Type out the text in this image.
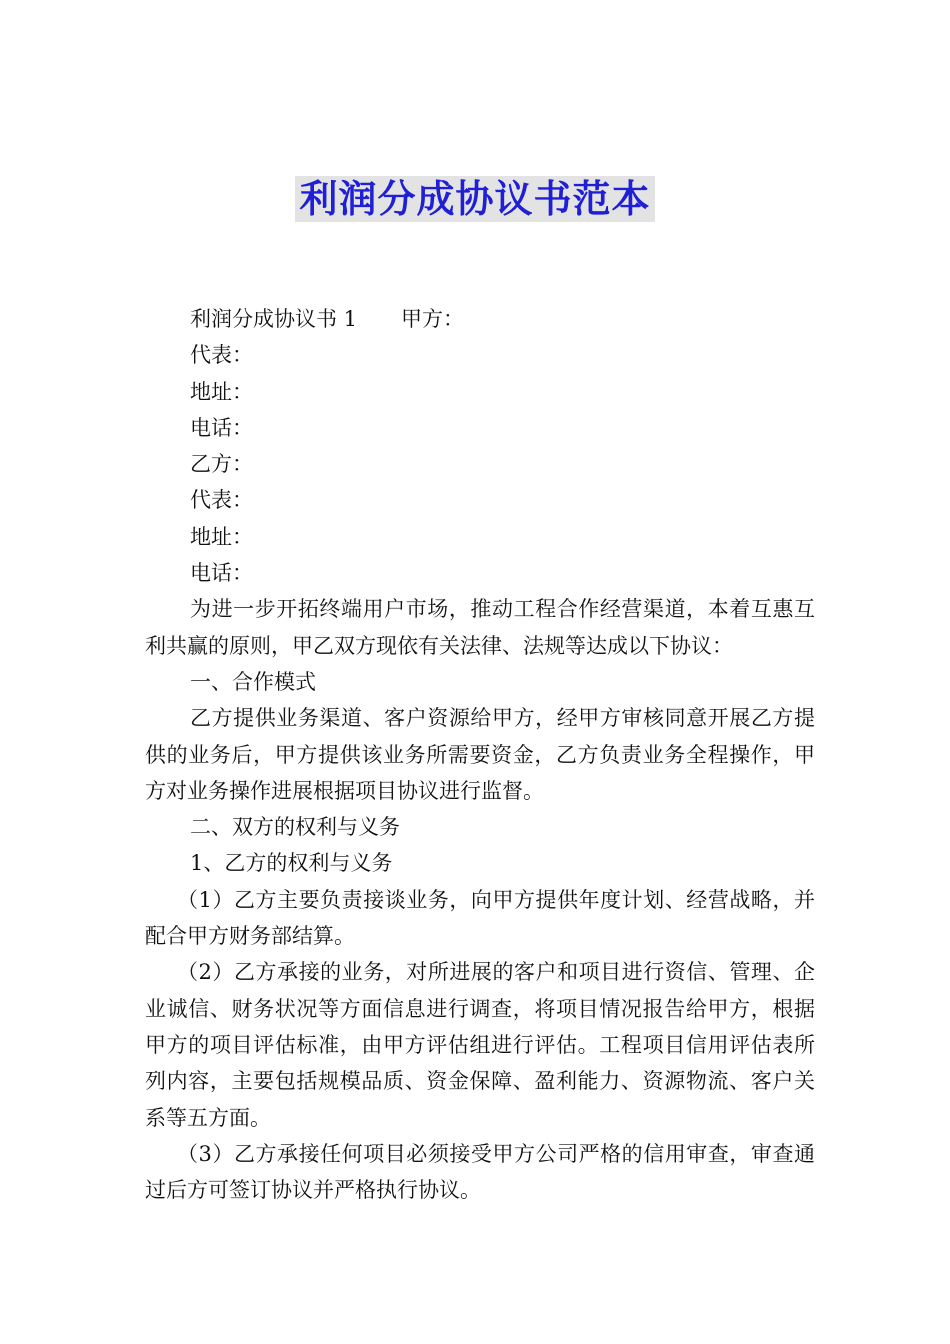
利润分成协议书范本

利润分成协议书 1 甲方：

代表：

地址：

电话：

乙方：

代表：

地址：

电话：

为进一步开拓终端用户市场，推动工程合作经营渠道，本着互惠互利共赢的原则，甲乙双方现依有关法律、法规等达成以下协议：

一、合作模式

乙方提供业务渠道、客户资源给甲方，经甲方审核同意开展乙方提供的业务后，甲方提供该业务所需要资金，乙方负责业务全程操作，甲方对业务操作进展根据项目协议进行监督。

二、双方的权利与义务

1、乙方的权利与义务

（1）乙方主要负责接谈业务，向甲方提供年度计划、经营战略，并配合甲方财务部结算。

（2）乙方承接的业务，对所进展的客户和项目进行资信、管理、企业诚信、财务状况等方面信息进行调查，将项目情况报告给甲方，根据甲方的项目评估标准，由甲方评估组进行评估。工程项目信用评估表所列内容，主要包括规模品质、资金保障、盈利能力、资源物流、客户关系等五方面。

（3）乙方承接任何项目必须接受甲方公司严格的信用审查，审查通过后方可签订协议并严格执行协议。
